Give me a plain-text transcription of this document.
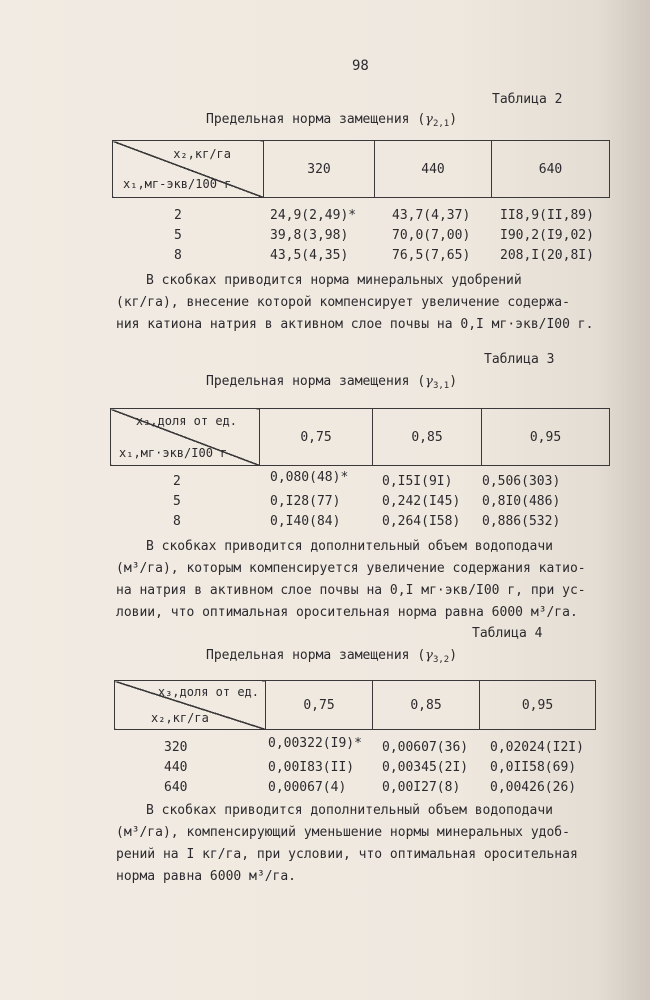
98
Таблица 2
Предельная норма замещения $(\gamma_{2,1})$
x₂,кг/га
x₁,мг-экв/100 г
	320	440	640
2	24,9(2,49)*	43,7(4,37) II8,9(II,89)
5	39,8(3,98)	70,0(7,00) I90,2(I9,02)
8	43,5(4,35)	76,5(7,65) 208,I(20,8I)
В скобках приводится норма минеральных удобрений
(кг/га), внесение которой компенсирует увеличение содержа-
ния катиона натрия в активном слое почвы на 0,I мг·экв/I00 г.
Таблица 3
Предельная норма замещения $(\gamma_{3,1})$
x₃,доля от ед.
x₁,мг·экв/I00 г
	0,75	0,85	0,95
2	0,080(48)*	0,I5I(9I) 0,506(303)
5	0,I28(77)	0,242(I45) 0,8I0(486)
8	0,I40(84)	0,264(I58) 0,886(532)
В скобках приводится дополнительный объем водоподачи
(м³/га), которым компенсируется увеличение содержания катио-
на натрия в активном слое почвы на 0,I мг·экв/I00 г, при ус-
ловии, что оптимальная оросительная норма равна 6000 м³/га.
Таблица 4
Предельная норма замещения $(\gamma_{3,2})$
x₃,доля от ед.
x₂,кг/га
	0,75	0,85	0,95
320	0,00322(I9)* 0,00607(36) 0,02024(I2I)
440	0,00I83(II) 0,00345(2I) 0,0II58(69)
640	0,00067(4)	0,00I27(8) 0,00426(26)
В скобках приводится дополнительный объем водоподачи
(м³/га), компенсирующий уменьшение нормы минеральных удоб-
рений на I кг/га, при условии, что оптимальная оросительная
норма равна 6000 м³/га.
